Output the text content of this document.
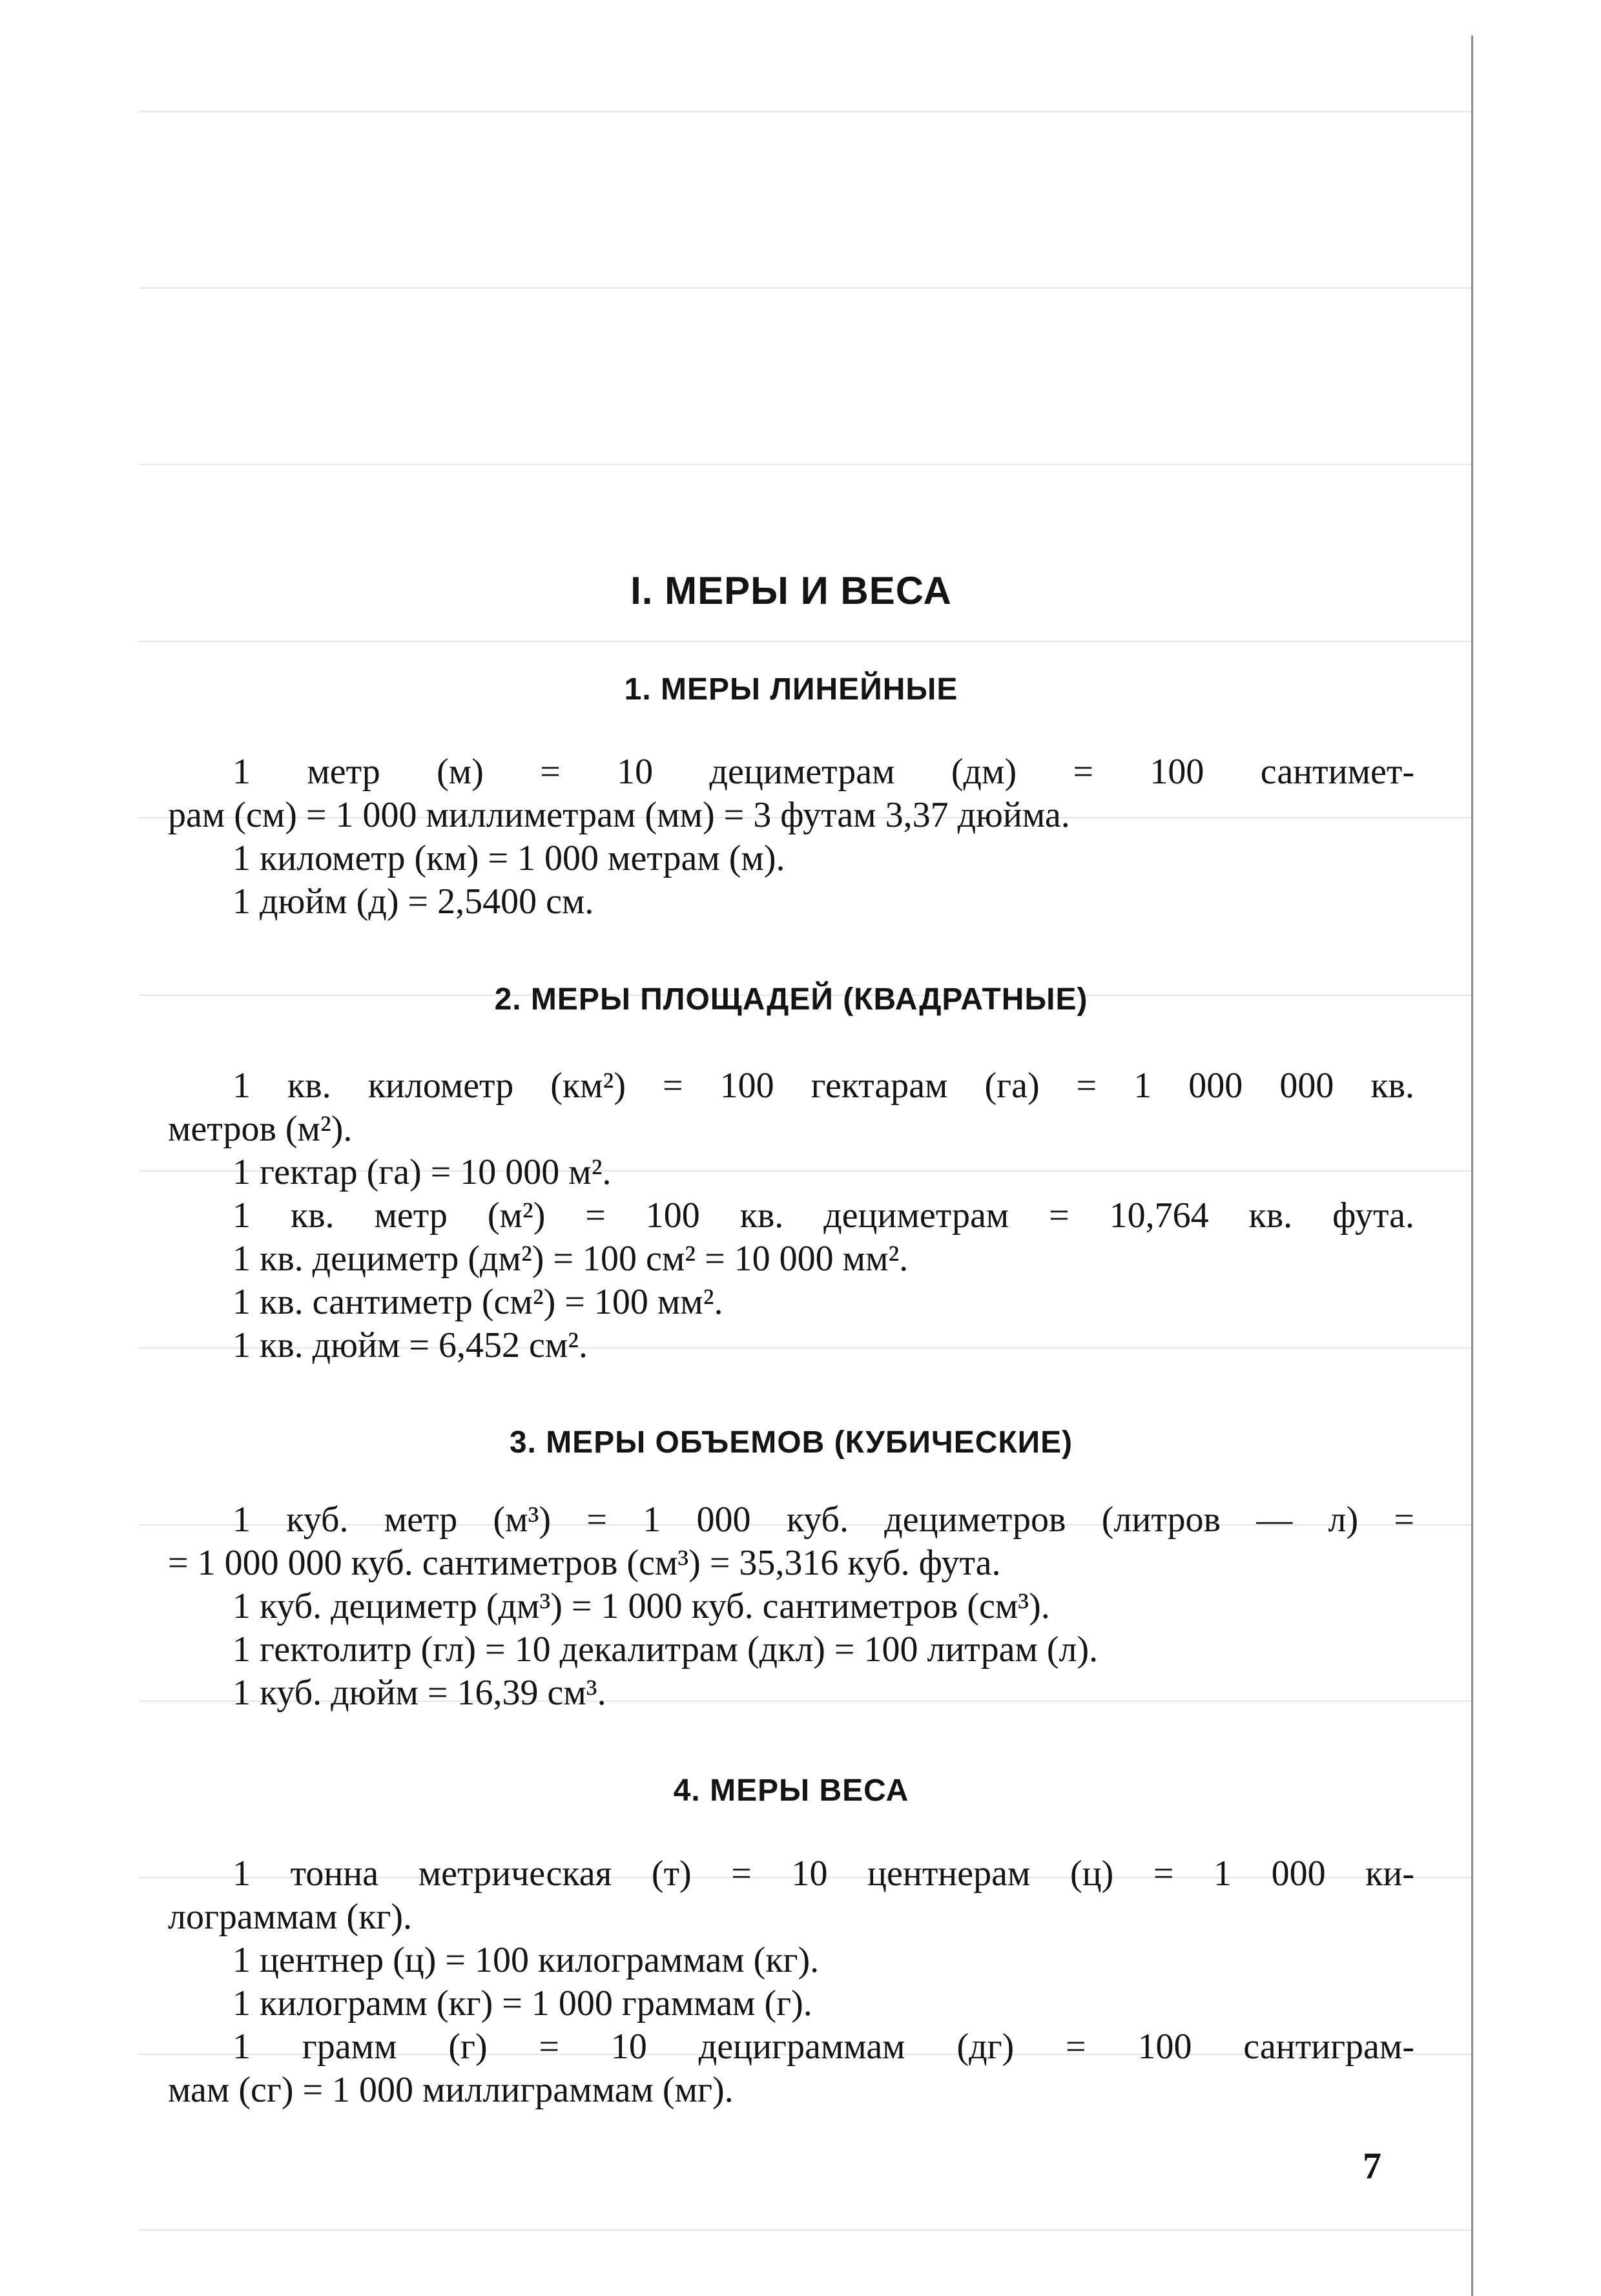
I. МЕРЫ И ВЕСА
1. МЕРЫ ЛИНЕЙНЫЕ
1 метр (м) = 10 дециметрам (дм) = 100 сантимет-
рам (см) = 1 000 миллиметрам (мм) = 3 футам 3,37 дюйма.
1 километр (км) = 1 000 метрам (м).
1 дюйм (д) = 2,5400 см.
2. МЕРЫ ПЛОЩАДЕЙ (КВАДРАТНЫЕ)
1 кв. километр (км²) = 100 гектарам (га) = 1 000 000 кв.
метров (м²).
1 гектар (га) = 10 000 м².
1 кв. метр (м²) = 100 кв. дециметрам = 10,764 кв. фута.
1 кв. дециметр (дм²) = 100 см² = 10 000 мм².
1 кв. сантиметр (см²) = 100 мм².
1 кв. дюйм = 6,452 см².
3. МЕРЫ ОБЪЕМОВ (КУБИЧЕСКИЕ)
1 куб. метр (м³) = 1 000 куб. дециметров (литров — л) =
= 1 000 000 куб. сантиметров (см³) = 35,316 куб. фута.
1 куб. дециметр (дм³) = 1 000 куб. сантиметров (см³).
1 гектолитр (гл) = 10 декалитрам (дкл) = 100 литрам (л).
1 куб. дюйм = 16,39 см³.
4. МЕРЫ ВЕСА
1 тонна метрическая (т) = 10 центнерам (ц) = 1 000 ки-
лограммам (кг).
1 центнер (ц) = 100 килограммам (кг).
1 килограмм (кг) = 1 000 граммам (г).
1 грамм (г) = 10 дециграммам (дг) = 100 сантиграм-
мам (сг) = 1 000 миллиграммам (мг).
7
